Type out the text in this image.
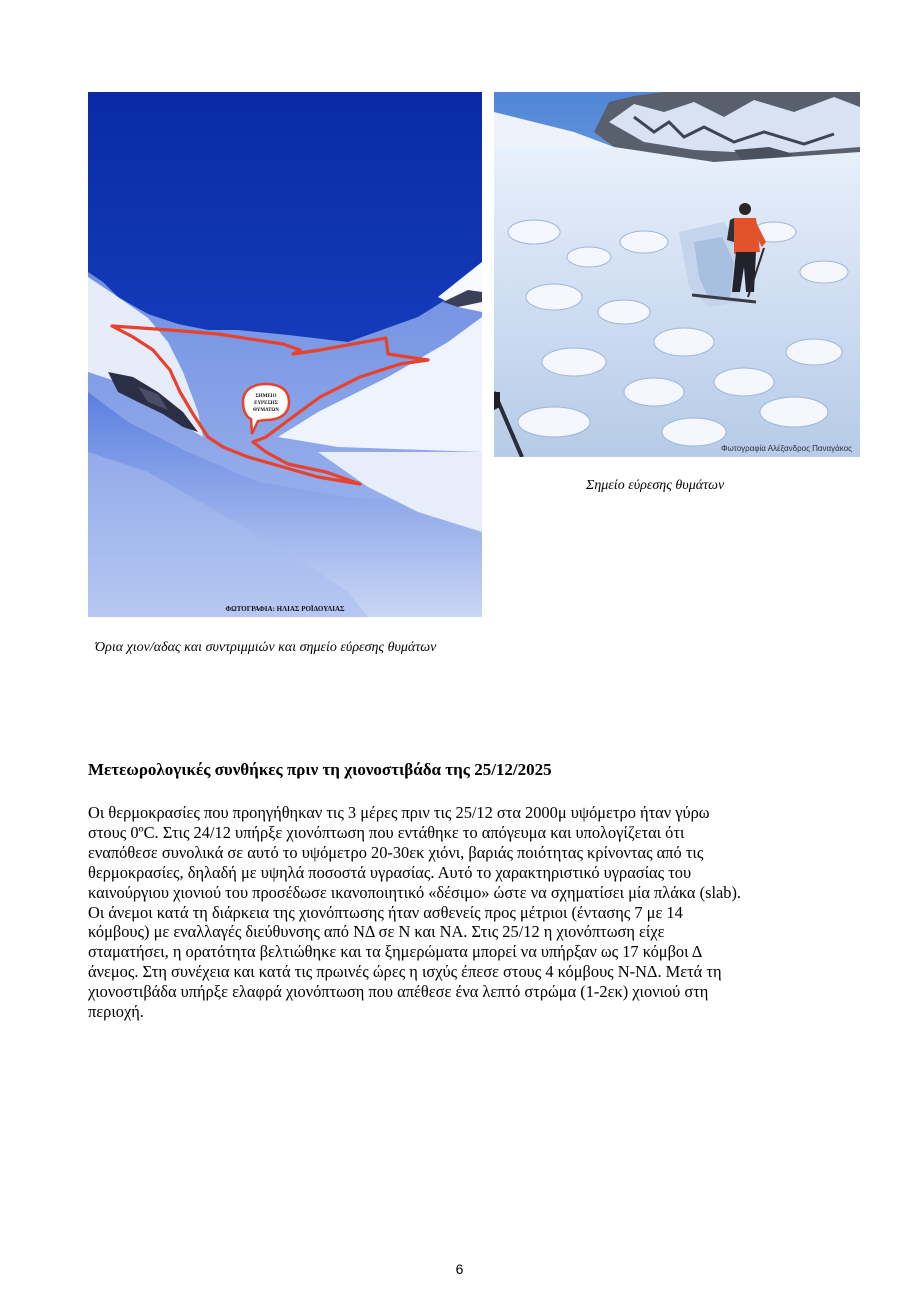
ΣΗΜΕΙΟ
ΕΥΡΕΣΗΣ
ΘΥΜΑΤΩΝ
ΦΩΤΟΓΡΑΦΙΑ: ΗΛΙΑΣ ΡΟΪΔΟΥΛΙΑΣ
Φωτογραφία Αλέξανδρος Παναγάκος
Σημείο εύρεσης θυμάτων
Όρια χιον/αδας και συντριμμιών και σημείο εύρεσης θυμάτων
Μετεωρολογικές συνθήκες πριν τη χιονοστιβάδα της 25/12/2025
Οι θερμοκρασίες που προηγήθηκαν τις 3 μέρες πριν τις 25/12 στα 2000μ υψόμετρο ήταν γύρω
στους 0ºC. Στις 24/12 υπήρξε χιονόπτωση που εντάθηκε το απόγευμα και υπολογίζεται ότι
εναπόθεσε συνολικά σε αυτό το υψόμετρο 20-30εκ χιόνι, βαριάς ποιότητας κρίνοντας από τις
θερμοκρασίες, δηλαδή με υψηλά ποσοστά υγρασίας. Αυτό το χαρακτηριστικό υγρασίας του
καινούργιου χιονιού του προσέδωσε ικανοποιητικό «δέσιμο» ώστε να σχηματίσει μία πλάκα (slab).
Οι άνεμοι κατά τη διάρκεια της χιονόπτωσης ήταν ασθενείς προς μέτριοι (έντασης 7 με 14
κόμβους) με εναλλαγές διεύθυνσης από ΝΔ σε Ν και ΝΑ. Στις 25/12 η χιονόπτωση είχε
σταματήσει, η ορατότητα βελτιώθηκε και τα ξημερώματα μπορεί να υπήρξαν ως 17 κόμβοι Δ
άνεμος. Στη συνέχεια και κατά τις πρωινές ώρες η ισχύς έπεσε στους 4 κόμβους Ν-ΝΔ. Μετά τη
χιονοστιβάδα υπήρξε ελαφρά χιονόπτωση που απέθεσε ένα λεπτό στρώμα (1-2εκ) χιονιού στη
περιοχή.
6
